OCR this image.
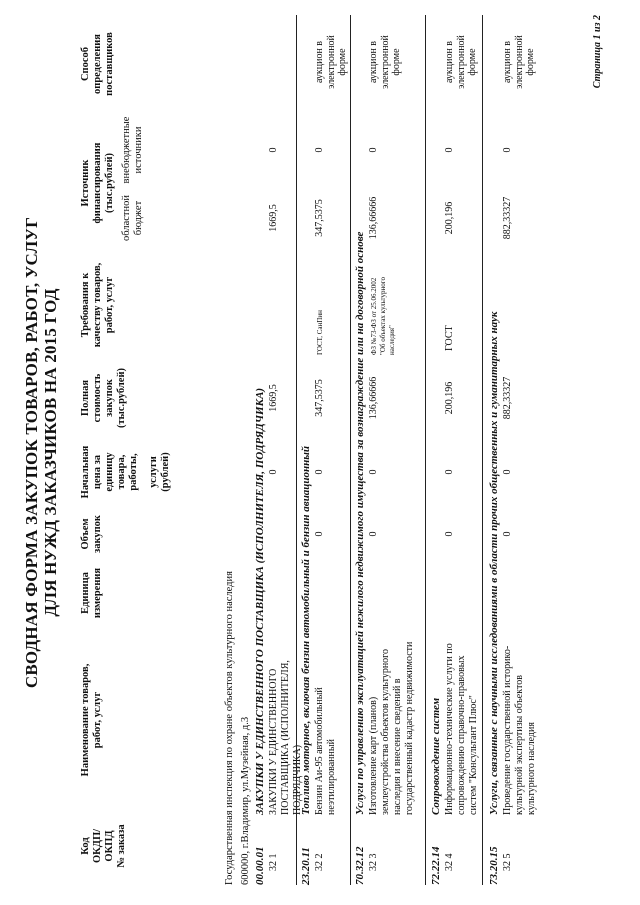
СВОДНАЯ ФОРМА ЗАКУПОК ТОВАРОВ, РАБОТ, УСЛУГ ДЛЯ НУЖД ЗАКАЗЧИКОВ НА 2015 ГОД
Код ОКДП/ ОКПД № заказа
Наименование товаров, работ, услуг
Единица измерения
Объем закупок
Начальная цена за единицу товара, работы, услуги (рублей)
Полная стоимость закупок (тыс.рублей)
Требования к качеству товаров, работ, услуг
Источник финансирования (тыс.рублей)
областной бюджет
внебюджетные источники
Способ определения поставщиков
Государственная инспекция по охране объектов культурного наследия 600000, г.Владимир, ул.Музейная, д.3 00.00.01
ЗАКУПКИ У ЕДИНСТВЕННОГО ПОСТАВЩИКА (ИСПОЛНИТЕЛЯ, ПОДРЯДЧИКА)
32 1
ЗАКУПКИ У ЕДИНСТВЕННОГО ПОСТАВЩИКА (ИСПОЛНИТЕЛЯ, ПОДРЯДЧИКА)
0
1669,5
1669,5
0
23.20.11
Топливо моторное, включая бензин автомобильный и бензин авиационный
32 2
Бензин Аи-95 автомобильный неэтилированный
0
0
347,5375
ГОСТ, СанПин
347,5375
0
аукцион в электронной форме
70.32.12
Услуги по управлению эксплуатацией нежилого недвижимого имущества за вознаграждение или на договорной основе
32 3
Изготовление карт (планов) землеустройства объектов культурного наследия и внесение сведений в государственный кадастр недвижимости
0
0
136,66666
ФЗ №73-ФЗ от 25.06.2002 "Об объектах культурного наследия"
136,66666
0
аукцион в электронной форме
72.22.14
Сопровождение систем
32 4
Информационно-технические услуги по сопровождению справочно-правовых систем "Консультант Плюс"
0
0
200,196
ГОСТ
200,196
0
аукцион в электронной форме
73.20.15
Услуги, связанные с научными исследованиями в области прочих общественных и гуманитарных наук
32 5
Проведение государственной историко- культурной экспертизы объектов культурного наследия
0
0
882,33327
882,33327
0
аукцион в электронной форме	Страница 1 из 2
